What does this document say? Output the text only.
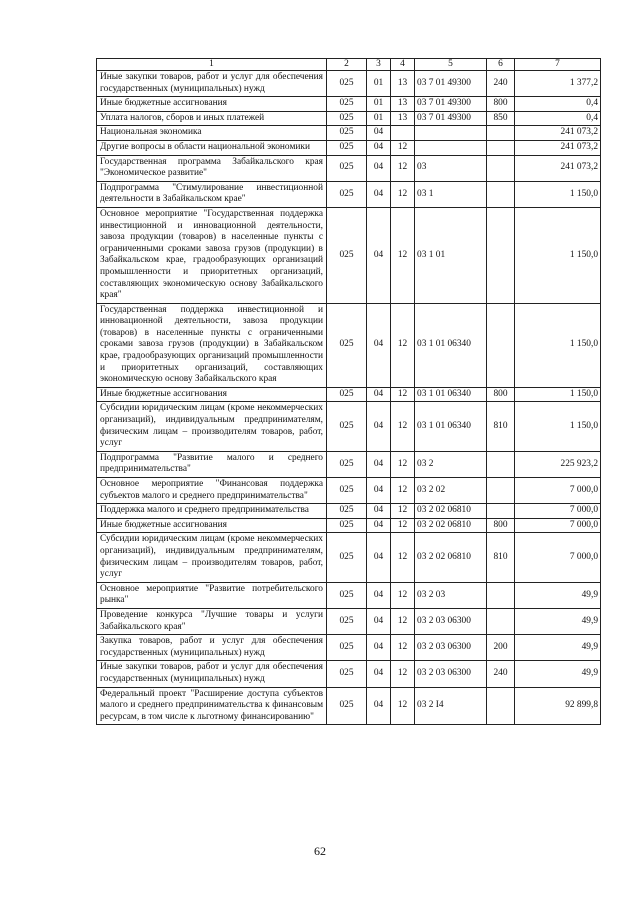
1	2	3	4	5	6	7
Иные закупки товаров, работ и услуг для обеспечения государственных (муниципальных) нужд	025	01	13	03 7 01 49300	240	1 377,2
Иные бюджетные ассигнования	025	01	13	03 7 01 49300	800	0,4
Уплата налогов, сборов и иных платежей	025	01	13	03 7 01 49300	850	0,4
Национальная экономика	025	04				241 073,2
Другие вопросы в области национальной экономики	025	04	12			241 073,2
Государственная программа Забайкальского края "Экономическое развитие"	025	04	12	03		241 073,2
Подпрограмма "Стимулирование инвестиционной деятельности в Забайкальском крае"	025	04	12	03 1		1 150,0
Основное мероприятие "Государственная поддержка инвестиционной и инновационной деятельности, завоза продукции (товаров) в населенные пункты с ограниченными сроками завоза грузов (продукции) в Забайкальском крае, градообразующих организаций промышленности и приоритетных организаций, составляющих экономическую основу Забайкальского края"	025	04	12	03 1 01		1 150,0
Государственная поддержка инвестиционной и инновационной деятельности, завоза продукции (товаров) в населенные пункты с ограниченными сроками завоза грузов (продукции) в Забайкальском крае, градообразующих организаций промышленности и приоритетных организаций, составляющих экономическую основу Забайкальского края	025	04	12	03 1 01 06340		1 150,0
Иные бюджетные ассигнования	025	04	12	03 1 01 06340	800	1 150,0
Субсидии юридическим лицам (кроме некоммерческих организаций), индивидуальным предпринимателям, физическим лицам – производителям товаров, работ, услуг	025	04	12	03 1 01 06340	810	1 150,0
Подпрограмма "Развитие малого и среднего предпринимательства"	025	04	12	03 2		225 923,2
Основное мероприятие "Финансовая поддержка субъектов малого и среднего предпринимательства"	025	04	12	03 2 02		7 000,0
Поддержка малого и среднего предпринимательства	025	04	12	03 2 02 06810		7 000,0
Иные бюджетные ассигнования	025	04	12	03 2 02 06810	800	7 000,0
Субсидии юридическим лицам (кроме некоммерческих организаций), индивидуальным предпринимателям, физическим лицам – производителям товаров, работ, услуг	025	04	12	03 2 02 06810	810	7 000,0
Основное мероприятие "Развитие потребительского рынка"	025	04	12	03 2 03		49,9
Проведение конкурса "Лучшие товары и услуги Забайкальского края"	025	04	12	03 2 03 06300		49,9
Закупка товаров, работ и услуг для обеспечения государственных (муниципальных) нужд	025	04	12	03 2 03 06300	200	49,9
Иные закупки товаров, работ и услуг для обеспечения государственных (муниципальных) нужд	025	04	12	03 2 03 06300	240	49,9
Федеральный проект "Расширение доступа субъектов малого и среднего предпринимательства к финансовым ресурсам, в том числе к льготному финансированию"	025	04	12	03 2 I4		92 899,8
62
